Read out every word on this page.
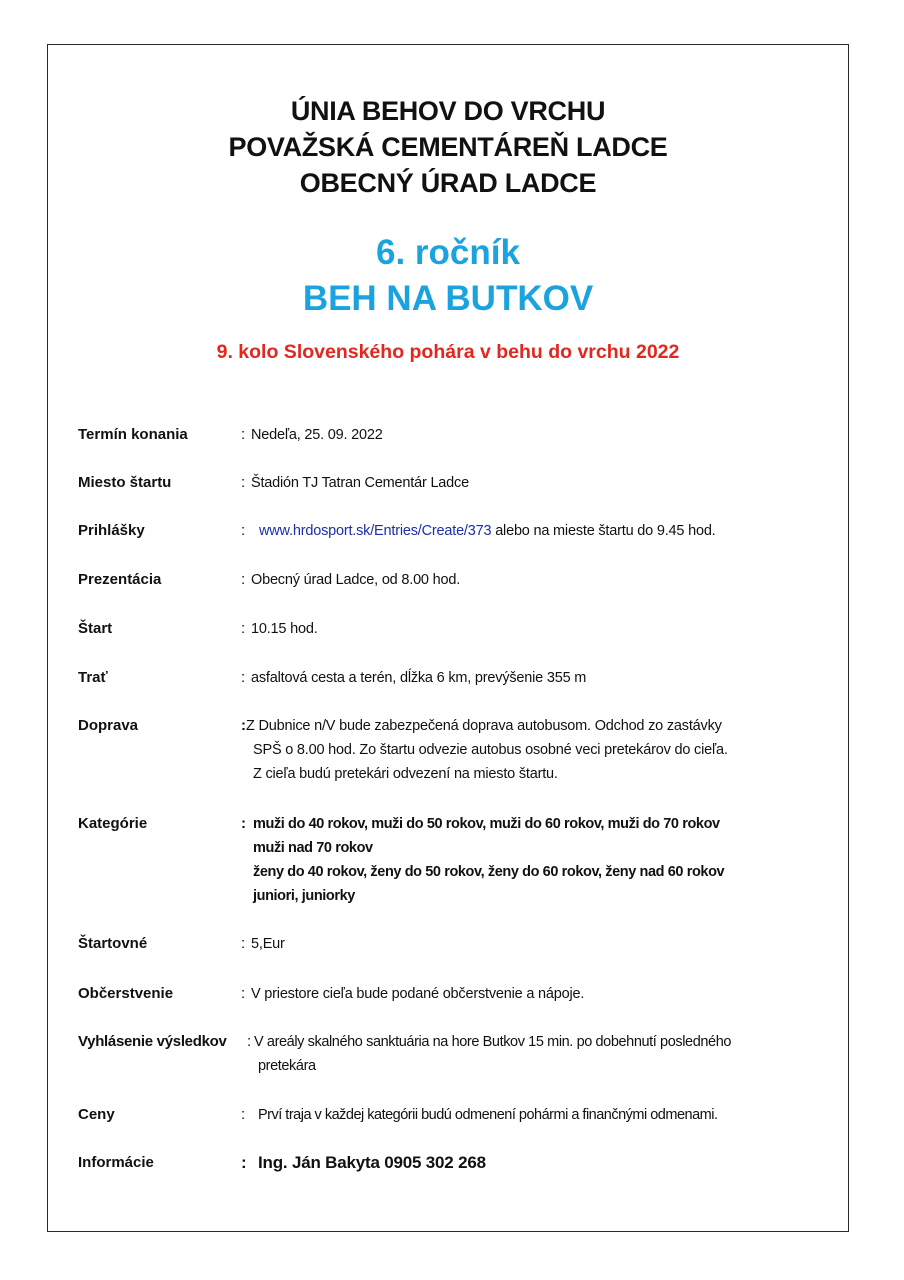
ÚNIA BEHOV DO VRCHU
POVAŽSKÁ CEMENTÁREŇ LADCE
OBECNÝ ÚRAD LADCE
6. ročník
BEH NA BUTKOV
9. kolo Slovenského pohára v behu do vrchu 2022
Termín konania	: Nedeľa, 25. 09. 2022
Miesto štartu	: Štadión TJ Tatran Cementár Ladce
Prihlášky	: www.hrdosport.sk/Entries/Create/373 alebo na mieste štartu do 9.45 hod.
Prezentácia	: Obecný úrad Ladce, od 8.00 hod.
Štart	: 10.15 hod.
Trať	: asfaltová cesta a terén, dĺžka 6 km, prevýšenie 355 m
Doprava	: Z Dubnice n/V bude zabezpečená doprava autobusom. Odchod zo zastávky
SPŠ o 8.00 hod. Zo štartu odvezie autobus osobné veci pretekárov do cieľa.
Z cieľa budú pretekári odvezení na miesto štartu.
Kategórie	: muži do 40 rokov, muži do 50 rokov, muži do 60 rokov, muži do 70 rokov
muži nad 70 rokov
ženy do 40 rokov, ženy do 50 rokov, ženy do 60 rokov, ženy nad 60 rokov
juniori, juniorky
Štartovné	: 5,Eur
Občerstvenie	: V priestore cieľa bude podané občerstvenie a nápoje.
Vyhlásenie výsledkov : V areály skalného sanktuária na hore Butkov 15 min. po dobehnutí posledného
pretekára
Ceny	: Prví traja v každej kategórii budú odmenení pohármi a finančnými odmenami.
Informácie	: Ing. Ján Bakyta 0905 302 268
